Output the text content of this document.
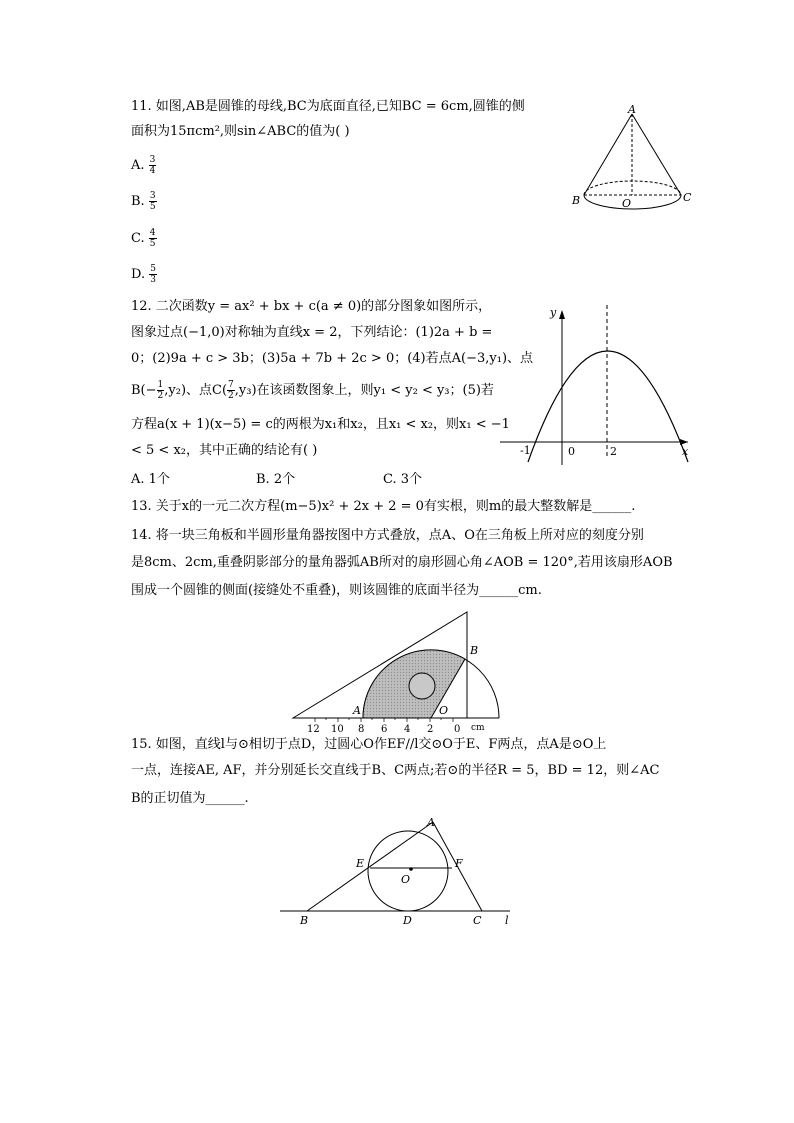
11. 如图,AB是圆锥的母线,BC为底面直径,已知BC = 6cm,圆锥的侧
面积为15πcm²,则sin∠ABC的值为( )
A. $\frac{3}{4}$
B. $\frac{3}{5}$
C. $\frac{4}{5}$
D. $\frac{5}{3}$
A
B	C
O
12. 二次函数y = ax² + bx + c(a ≠ 0)的部分图象如图所示，
图象过点(−1,0)对称轴为直线x = 2，下列结论：(1)2a + b =
0；(2)9a + c > 3b；(3)5a + 7b + 2c > 0；(4)若点A(−3,y₁)、点
$B(- \frac{1}{2} ,y_2)$、点$C( \frac{7}{2} ,y_3)$在该函数图象上，则y₁ < y₂ < y₃；(5)若
方程a(x + 1)(x−5) = c的两根为x₁和x₂，且x₁ < x₂，则x₁ < −1
< 5 < x₂，其中正确的结论有( )
A. 1个	B. 2个	C. 3个
y
x
-1	0	2
13. 关于x的一元二次方程(m−5)x² + 2x + 2 = 0有实根，则m的最大整数解是______.
14. 将一块三角板和半圆形量角器按图中方式叠放，点A、O在三角板上所对应的刻度分别
是8cm、2cm,重叠阴影部分的量角器弧AB所对的扇形圆心角∠AOB = 120°,若用该扇形AOB
围成一个圆锥的侧面(接缝处不重叠)，则该圆锥的底面半径为______cm.
12 10 8 6 4 2 0 cm
A
B
O
15. 如图，直线l与⊙相切于点D，过圆心O作EF//l交⊙O于E、F两点，点A是⊙O上
一点，连接AE, AF，并分别延长交直线于B、C两点;若⊙的半径R = 5，BD = 12，则∠AC
B的正切值为______.
A
E	F
O
B	D	C l
